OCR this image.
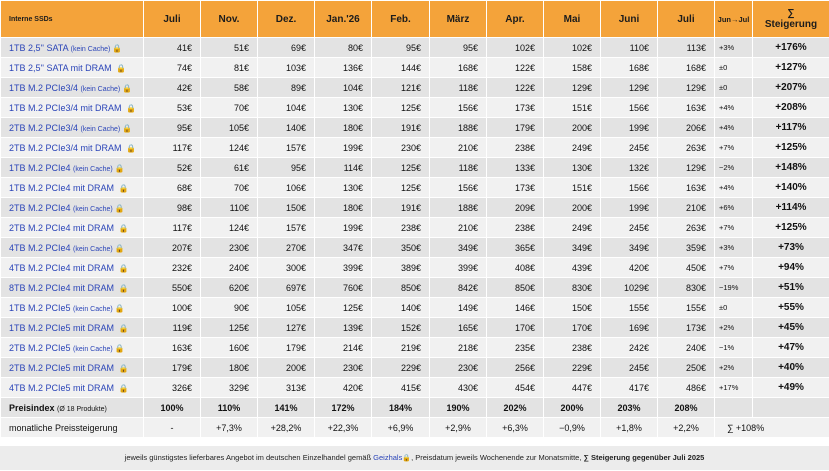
Interne SSDs	Juli	Nov.	Dez.	Jan.'26	Feb.	März	Apr.	Mai	Juni	Juli	Jun→Jul	∑
Steigerung
1TB 2,5'' SATA (kein Cache) 🔒	41€	51€	69€	80€	95€	95€	102€	102€	110€	113€	+3%	+176%
1TB 2,5'' SATA mit DRAM 🔒	74€	81€	103€	136€	144€	168€	122€	158€	168€	168€	±0	+127%
1TB M.2 PCIe3/4 (kein Cache) 🔒	42€	58€	89€	104€	121€	118€	122€	129€	129€	129€	±0	+207%
1TB M.2 PCIe3/4 mit DRAM 🔒	53€	70€	104€	130€	125€	156€	173€	151€	156€	163€	+4%	+208%
2TB M.2 PCIe3/4 (kein Cache) 🔒	95€	105€	140€	180€	191€	188€	179€	200€	199€	206€	+4%	+117%
2TB M.2 PCIe3/4 mit DRAM 🔒	117€	124€	157€	199€	230€	210€	238€	249€	245€	263€	+7%	+125%
1TB M.2 PCIe4 (kein Cache) 🔒	52€	61€	95€	114€	125€	118€	133€	130€	132€	129€	−2%	+148%
1TB M.2 PCIe4 mit DRAM 🔒	68€	70€	106€	130€	125€	156€	173€	151€	156€	163€	+4%	+140%
2TB M.2 PCIe4 (kein Cache) 🔒	98€	110€	150€	180€	191€	188€	209€	200€	199€	210€	+6%	+114%
2TB M.2 PCIe4 mit DRAM 🔒	117€	124€	157€	199€	238€	210€	238€	249€	245€	263€	+7%	+125%
4TB M.2 PCIe4 (kein Cache) 🔒	207€	230€	270€	347€	350€	349€	365€	349€	349€	359€	+3%	+73%
4TB M.2 PCIe4 mit DRAM 🔒	232€	240€	300€	399€	389€	399€	408€	439€	420€	450€	+7%	+94%
8TB M.2 PCIe4 mit DRAM 🔒	550€	620€	697€	760€	850€	842€	850€	830€	1029€	830€	−19%	+51%
1TB M.2 PCIe5 (kein Cache) 🔒	100€	90€	105€	125€	140€	149€	146€	150€	155€	155€	±0	+55%
1TB M.2 PCIe5 mit DRAM 🔒	119€	125€	127€	139€	152€	165€	170€	170€	169€	173€	+2%	+45%
2TB M.2 PCIe5 (kein Cache) 🔒	163€	160€	179€	214€	219€	218€	235€	238€	242€	240€	−1%	+47%
2TB M.2 PCIe5 mit DRAM 🔒	179€	180€	200€	230€	229€	230€	256€	229€	245€	250€	+2%	+40%
4TB M.2 PCIe5 mit DRAM 🔒	326€	329€	313€	420€	415€	430€	454€	447€	417€	486€	+17%	+49%
Preisindex (Ø 18 Produkte)	100%	110%	141%	172%	184%	190%	202%	200%	203%	208%		
monatliche Preissteigerung	-	+7,3%	+28,2%	+22,3%	+6,9%	+2,9%	+6,3%	−0,9%	+1,8%	+2,2%	∑ +108%	
jeweils günstigstes lieferbares Angebot im deutschen Einzelhandel gemäß Geizhals🔒, Preisdatum jeweils Wochenende zur Monatsmitte, ∑ Steigerung gegenüber Juli 2025
